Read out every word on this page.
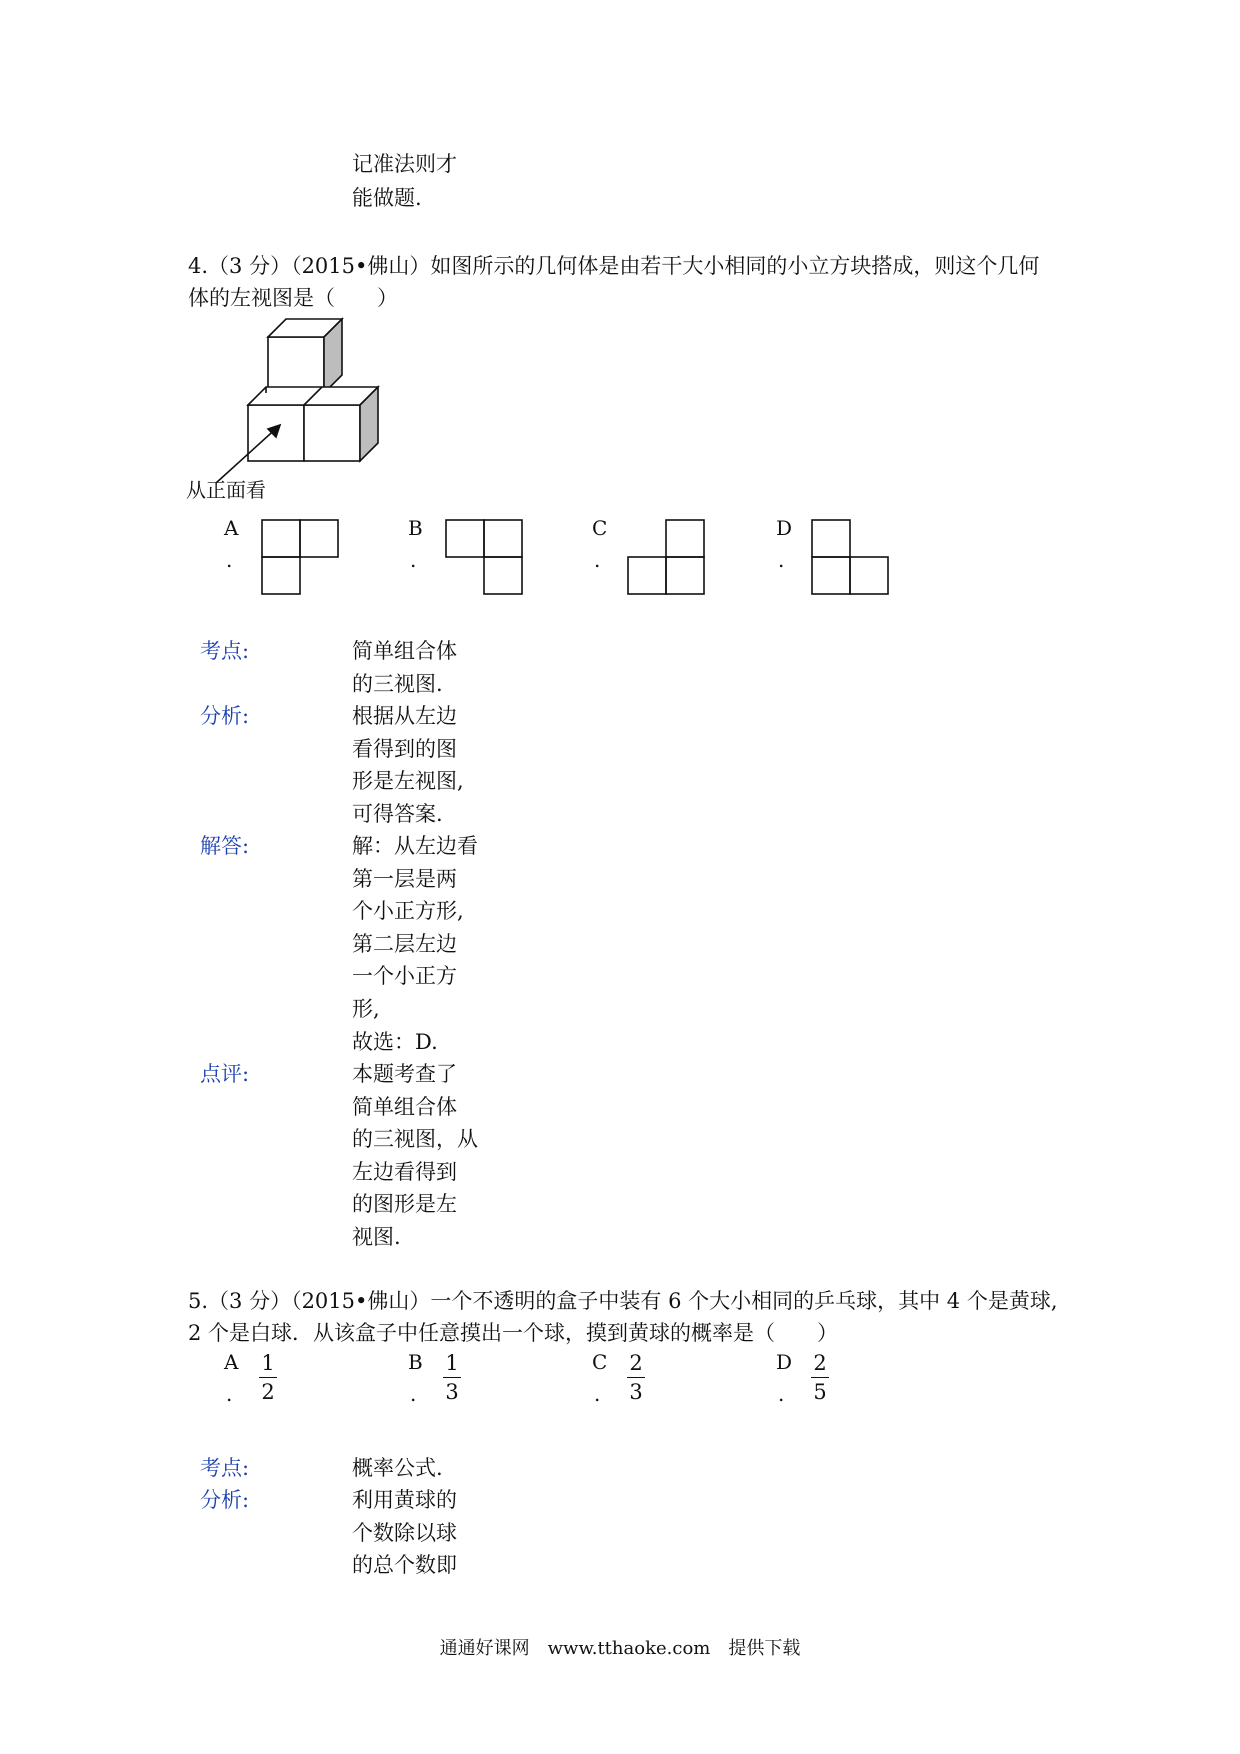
记准法则才
能做题.
4.（3 分）（2015•佛山）如图所示的几何体是由若干大小相同的小立方块搭成，则这个几何
体的左视图是（　　）
从正面看
A
.
B
.
C
.
D
.
考点:	简单组合体
的三视图.
分析:	根据从左边
看得到的图
形是左视图,
可得答案.
解答:	解：从左边看
第一层是两
个小正方形,
第二层左边
一个小正方
形,
故选：D.
点评:	本题考查了
简单组合体
的三视图，从
左边看得到
的图形是左
视图.
5.（3 分）（2015•佛山）一个不透明的盒子中装有 6 个大小相同的乒乓球，其中 4 个是黄球,
2 个是白球．从该盒子中任意摸出一个球，摸到黄球的概率是（　　）
A
.
1
2
B
.
1
3
C
.
2
3
D
.
2
5
考点:	概率公式.
分析:	利用黄球的
个数除以球
的总个数即
通通好课网　www.tthaoke.com　提供下载
